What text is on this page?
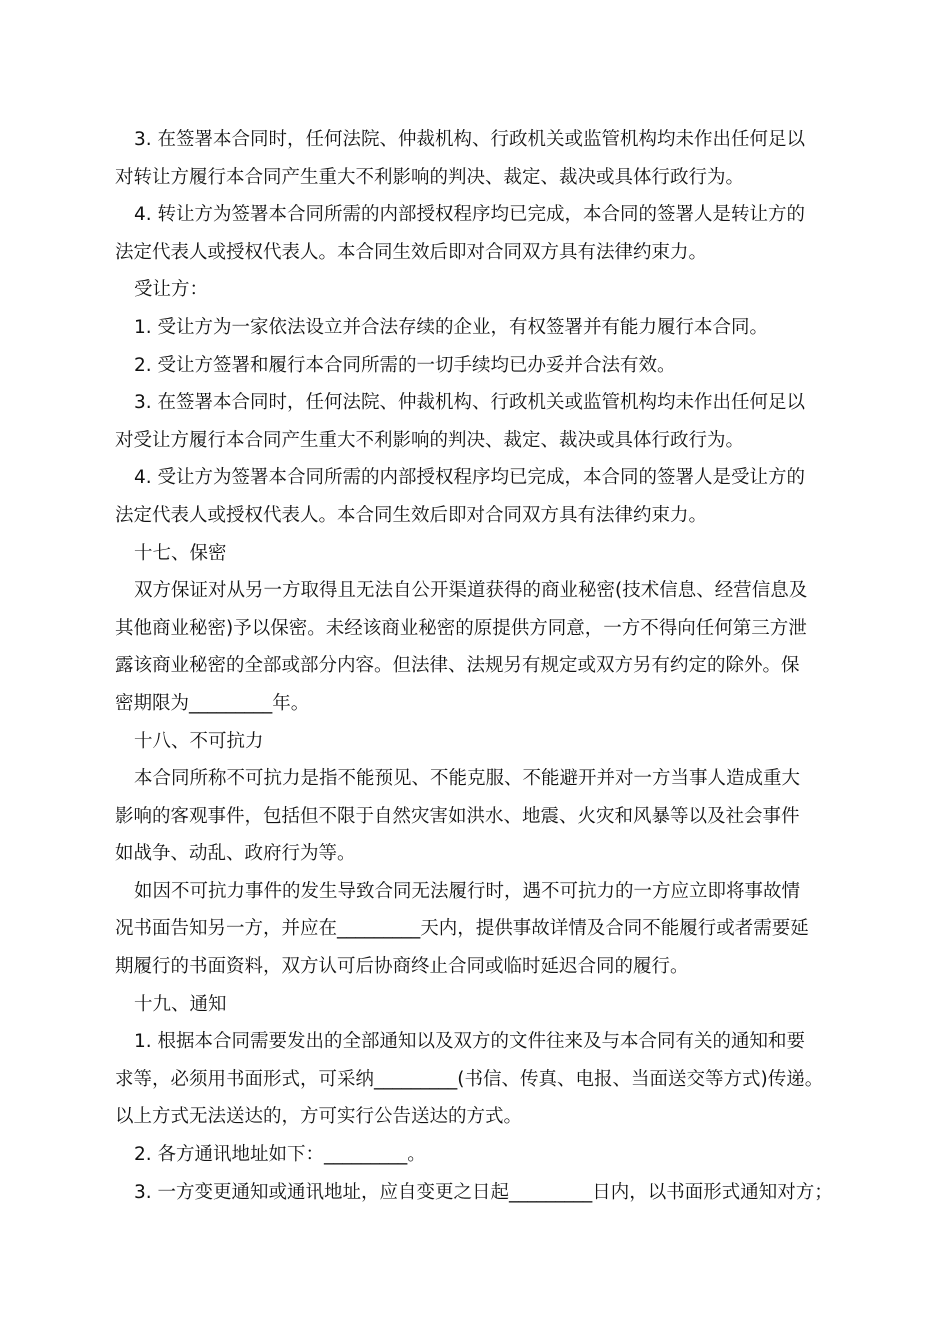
3. 在签署本合同时，任何法院、仲裁机构、行政机关或监管机构均未作出任何足以
对转让方履行本合同产生重大不利影响的判决、裁定、裁决或具体行政行为。
4. 转让方为签署本合同所需的内部授权程序均已完成，本合同的签署人是转让方的
法定代表人或授权代表人。本合同生效后即对合同双方具有法律约束力。
受让方：
1. 受让方为一家依法设立并合法存续的企业，有权签署并有能力履行本合同。
2. 受让方签署和履行本合同所需的一切手续均已办妥并合法有效。
3. 在签署本合同时，任何法院、仲裁机构、行政机关或监管机构均未作出任何足以
对受让方履行本合同产生重大不利影响的判决、裁定、裁决或具体行政行为。
4. 受让方为签署本合同所需的内部授权程序均已完成，本合同的签署人是受让方的
法定代表人或授权代表人。本合同生效后即对合同双方具有法律约束力。
十七、保密
双方保证对从另一方取得且无法自公开渠道获得的商业秘密(技术信息、经营信息及
其他商业秘密)予以保密。未经该商业秘密的原提供方同意，一方不得向任何第三方泄
露该商业秘密的全部或部分内容。但法律、法规另有规定或双方另有约定的除外。保
密期限为_________年。
十八、不可抗力
本合同所称不可抗力是指不能预见、不能克服、不能避开并对一方当事人造成重大
影响的客观事件，包括但不限于自然灾害如洪水、地震、火灾和风暴等以及社会事件
如战争、动乱、政府行为等。
如因不可抗力事件的发生导致合同无法履行时，遇不可抗力的一方应立即将事故情
况书面告知另一方，并应在_________天内，提供事故详情及合同不能履行或者需要延
期履行的书面资料，双方认可后协商终止合同或临时延迟合同的履行。
十九、通知
1. 根据本合同需要发出的全部通知以及双方的文件往来及与本合同有关的通知和要
求等，必须用书面形式，可采纳_________(书信、传真、电报、当面送交等方式)传递。
以上方式无法送达的，方可实行公告送达的方式。
2. 各方通讯地址如下：_________。
3. 一方变更通知或通讯地址，应自变更之日起_________日内，以书面形式通知对方；
